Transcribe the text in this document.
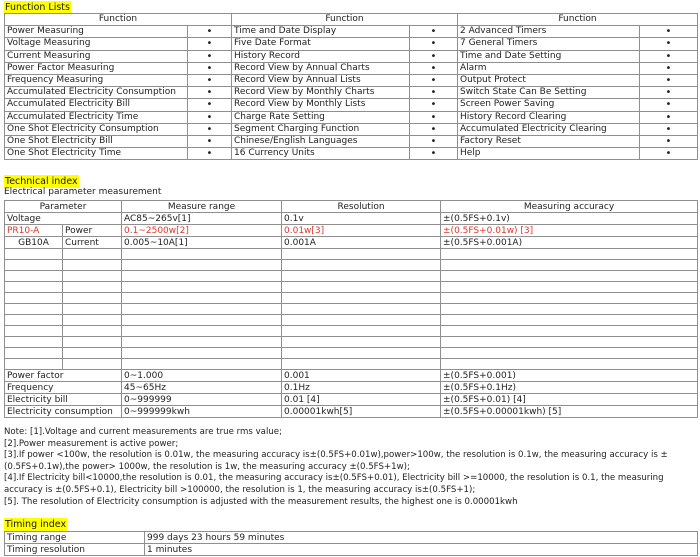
Function Lists
Function		Function		Function	
Power Measuring	•	Time and Date Display	•	2 Advanced Timers	•
Voltage Measuring	•	Five Date Format	•	7 General Timers	•
Current Measuring	•	History Record	•	Time and Date Setting	•
Power Factor Measuring	•	Record View by Annual Charts	•	Alarm	•
Frequency Measuring	•	Record View by Annual Lists	•	Output Protect	•
Accumulated Electricity Consumption	•	Record View by Monthly Charts	•	Switch State Can Be Setting	•
Accumulated Electricity Bill	•	Record View by Monthly Lists	•	Screen Power Saving	•
Accumulated Electricity Time	•	Charge Rate Setting	•	History Record Clearing	•
One Shot Electricity Consumption	•	Segment Charging Function	•	Accumulated Electricity Clearing	•
One Shot Electricity Bill	•	Chinese/English Languages	•	Factory Reset	•
One Shot Electricity Time	•	16 Currency Units	•	Help	•
Technical index
Electrical parameter measurement
Parameter		Measure range	Resolution	Measuring accuracy
Voltage		AC85~265v[1]	0.1v	±(0.5FS+0.1v)
PR10-A	Power	0.1~2500w[2]	0.01w[3]	±(0.5FS+0.01w) [3]
GB10A	Current	0.005~10A[1]	0.001A	±(0.5FS+0.001A)

Power factor		0~1.000	0.001	±(0.5FS+0.001)
Frequency		45~65Hz	0.1Hz	±(0.5FS+0.1Hz)
Electricity bill		0~999999	0.01 [4]	±(0.5FS+0.01) [4]
Electricity consumption		0~999999kwh	0.00001kwh[5]	±(0.5FS+0.00001kwh) [5]
Note: [1].Voltage and current measurements are true rms value;
[2].Power measurement is active power;
[3].If power <100w, the resolution is 0.01w, the measuring accuracy is±(0.5FS+0.01w),power>100w, the resolution is 0.1w, the measuring accuracy is ±(0.5FS+0.1w),the power> 1000w, the resolution is 1w, the measuring accuracy ±(0.5FS+1w);
[4].If Electricity bill<10000,the resolution is 0.01, the measuring accuracy is±(0.5FS+0.01), Electricity bill >=10000, the resolution is 0.1, the measuring accuracy is ±(0.5FS+0.1), Electricity bill >100000, the resolution is 1, the measuring accuracy is±(0.5FS+1);
[5]. The resolution of Electricity consumption is adjusted with the measurement results, the highest one is 0.00001kwh
Timing index
Timing range	999 days 23 hours 59 minutes
Timing resolution	1 minutes
